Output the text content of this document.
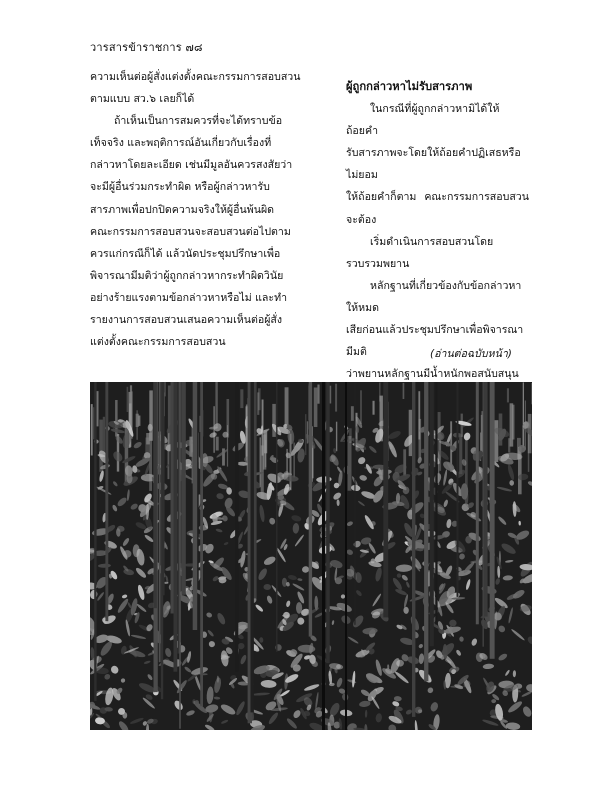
วารสารข้าราชการ ๗๘

ความเห็นต่อผู้สั่งแต่งตั้งคณะกรรมการสอบสวน

ตามแบบ สว.๖ เลยก็ได้

ถ้าเห็นเป็นการสมควรที่จะได้ทราบข้อ

เท็จจริง และพฤติการณ์อันเกี่ยวกับเรื่องที่

กล่าวหาโดยละเอียด เช่นมีมูลอันควรสงสัยว่า

จะมีผู้อื่นร่วมกระทำผิด หรือผู้กล่าวหารับ

สารภาพเพื่อปกปิดความจริงให้ผู้อื่นพ้นผิด

คณะกรรมการสอบสวนจะสอบสวนต่อไปตาม

ควรแก่กรณีก็ได้ แล้วนัดประชุมปรึกษาเพื่อ

พิจารณามีมติว่าผู้ถูกกล่าวหากระทำผิดวินัย

อย่างร้ายแรงตามข้อกล่าวหาหรือไม่ และทำ

รายงานการสอบสวนเสนอความเห็นต่อผู้สั่ง

แต่งตั้งคณะกรรมการสอบสวน

ผู้ถูกกล่าวหาไม่รับสารภาพ

ในกรณีที่ผู้ถูกกล่าวหามิได้ให้ถ้อยคำ

รับสารภาพจะโดยให้ถ้อยคำปฏิเสธหรือไม่ยอม

ให้ถ้อยคำก็ตาม คณะกรรมการสอบสวนจะต้อง

เริ่มดำเนินการสอบสวนโดยรวบรวมพยาน

หลักฐานที่เกี่ยวข้องกับข้อกล่าวหาให้หมด

เสียก่อนแล้วประชุมปรึกษาเพื่อพิจารณามีมติ

ว่าพยานหลักฐานมีน้ำหนักพอสนับสนุน

(อ่านต่อฉบับหน้า)
